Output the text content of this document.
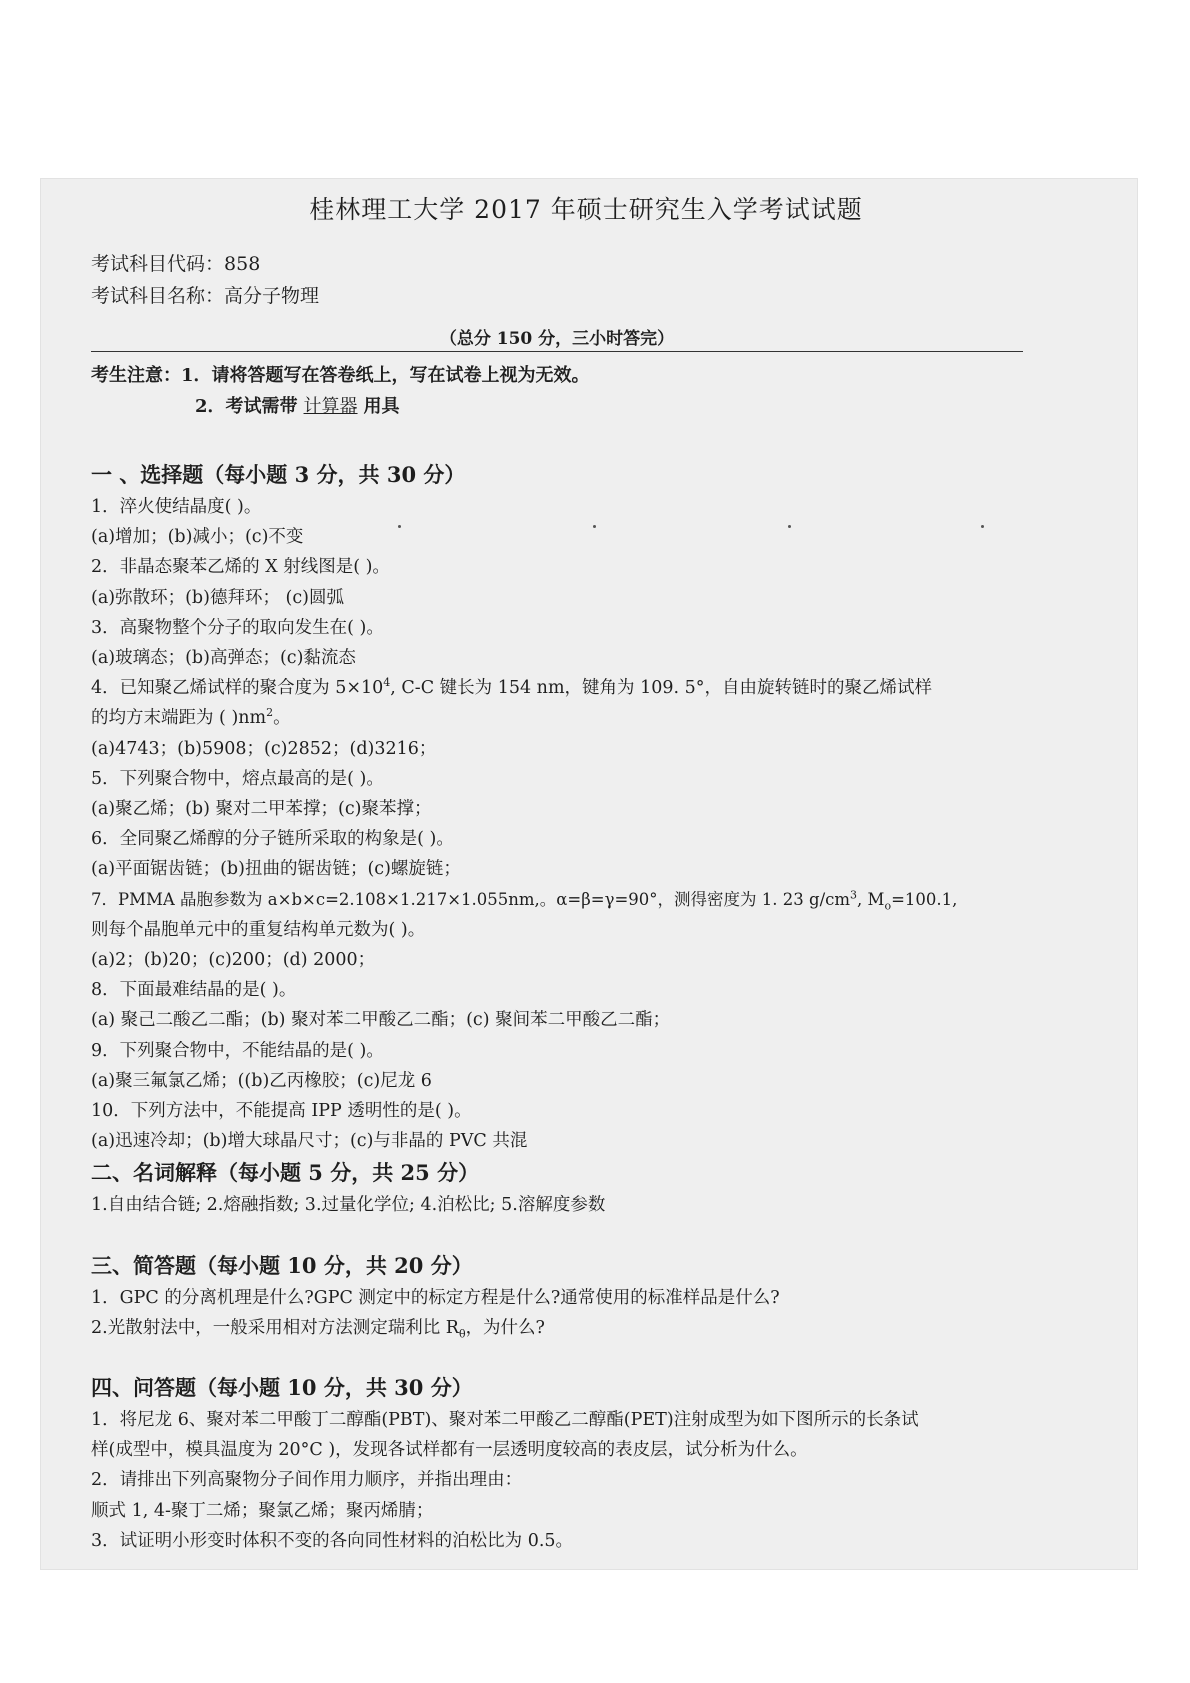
桂林理工大学 2017 年硕士研究生入学考试试题
考试科目代码：858
考试科目名称：高分子物理
（总分 150 分，三小时答完）
考生注意：1．请将答题写在答卷纸上，写在试卷上视为无效。
2．考试需带 计算器 用具
一 、选择题（每小题 3 分，共 30 分）
1．淬火使结晶度( )。
(a)增加；(b)减小；(c)不变
2．非晶态聚苯乙烯的 X 射线图是( )。
(a)弥散环；(b)德拜环； (c)圆弧
3．高聚物整个分子的取向发生在( )。
(a)玻璃态；(b)高弹态；(c)黏流态
4．已知聚乙烯试样的聚合度为 $5\times 10^4$, C-C 键长为 154 nm，键角为 109. 5°，自由旋转链时的聚乙烯试样
的均方末端距为 ( )$nm^2$。
(a)4743；(b)5908；(c)2852；(d)3216；
5．下列聚合物中，熔点最高的是( )。
(a)聚乙烯；(b) 聚对二甲苯撑；(c)聚苯撑；
6．全同聚乙烯醇的分子链所采取的构象是( )。
(a)平面锯齿链；(b)扭曲的锯齿链；(c)螺旋链；
7．PMMA 晶胞参数为 a×b×c=2.108×1.217×1.055nm,。α=β=γ=90°，测得密度为 1. 23 $g/cm^3$, $M_o=100.1$,
则每个晶胞单元中的重复结构单元数为( )。
(a)2；(b)20；(c)200；(d) 2000；
8．下面最难结晶的是( )。
(a) 聚己二酸乙二酯；(b) 聚对苯二甲酸乙二酯；(c) 聚间苯二甲酸乙二酯；
9．下列聚合物中，不能结晶的是( )。
(a)聚三氟氯乙烯；((b)乙丙橡胶；(c)尼龙 6
10．下列方法中，不能提高 IPP 透明性的是( )。
(a)迅速冷却；(b)增大球晶尺寸；(c)与非晶的 PVC 共混
二、名词解释（每小题 5 分，共 25 分）
1.自由结合链; 2.熔融指数; 3.过量化学位; 4.泊松比; 5.溶解度参数
三、简答题（每小题 10 分，共 20 分）
1．GPC 的分离机理是什么?GPC 测定中的标定方程是什么?通常使用的标准样品是什么?
2.光散射法中，一般采用相对方法测定瑞利比 $R_\theta$，为什么?
四、问答题（每小题 10 分，共 30 分）
1．将尼龙 6、聚对苯二甲酸丁二醇酯(PBT)、聚对苯二甲酸乙二醇酯(PET)注射成型为如下图所示的长条试
样(成型中，模具温度为 20°C )，发现各试样都有一层透明度较高的表皮层，试分析为什么。
2．请排出下列高聚物分子间作用力顺序，并指出理由：
顺式 1, 4-聚丁二烯；聚氯乙烯；聚丙烯腈；
3．试证明小形变时体积不变的各向同性材料的泊松比为 0.5。
